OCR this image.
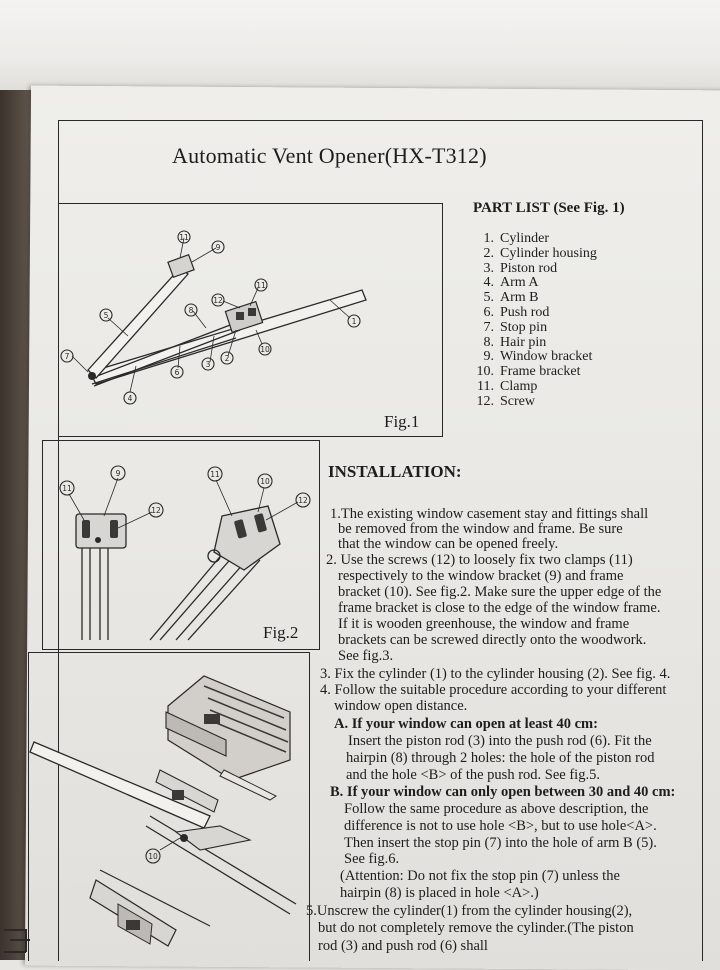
Automatic Vent Opener(HX-T312)
Fig.1
11
9
5
8
12
11
1
7
3
2
10
6
4
PART LIST (See Fig. 1)
1. Cylinder
2. Cylinder housing
3. Piston rod
4. Arm A
5. Arm B
6. Push rod
7. Stop pin
8. Hair pin
9. Window bracket
10. Frame bracket
11. Clamp
12. Screw
Fig.2
11
9
12
11
10
12
10
INSTALLATION:
1.The existing window casement stay and fittings shall
be removed from the window and frame. Be sure
that the window can be opened freely.
2. Use the screws (12) to loosely fix two clamps (11)
respectively to the window bracket (9) and frame
bracket (10). See fig.2. Make sure the upper edge of the
frame bracket is close to the edge of the window frame.
If it is wooden greenhouse, the window and frame
brackets can be screwed directly onto the woodwork.
See fig.3.
3. Fix the cylinder (1) to the cylinder housing (2). See fig. 4.
4. Follow the suitable procedure according to your different
window open distance.
A. If your window can open at least 40 cm:
Insert the piston rod (3) into the push rod (6). Fit the
hairpin (8) through 2 holes: the hole of the piston rod
and the hole <B> of the push rod. See fig.5.
B. If your window can only open between 30 and 40 cm:
Follow the same procedure as above description, the
difference is not to use hole <B>, but to use hole<A>.
Then insert the stop pin (7) into the hole of arm B (5).
See fig.6.
(Attention: Do not fix the stop pin (7) unless the
hairpin (8) is placed in hole <A>.)
5.Unscrew the cylinder(1) from the cylinder housing(2),
but do not completely remove the cylinder.(The piston
rod (3) and push rod (6) shall
